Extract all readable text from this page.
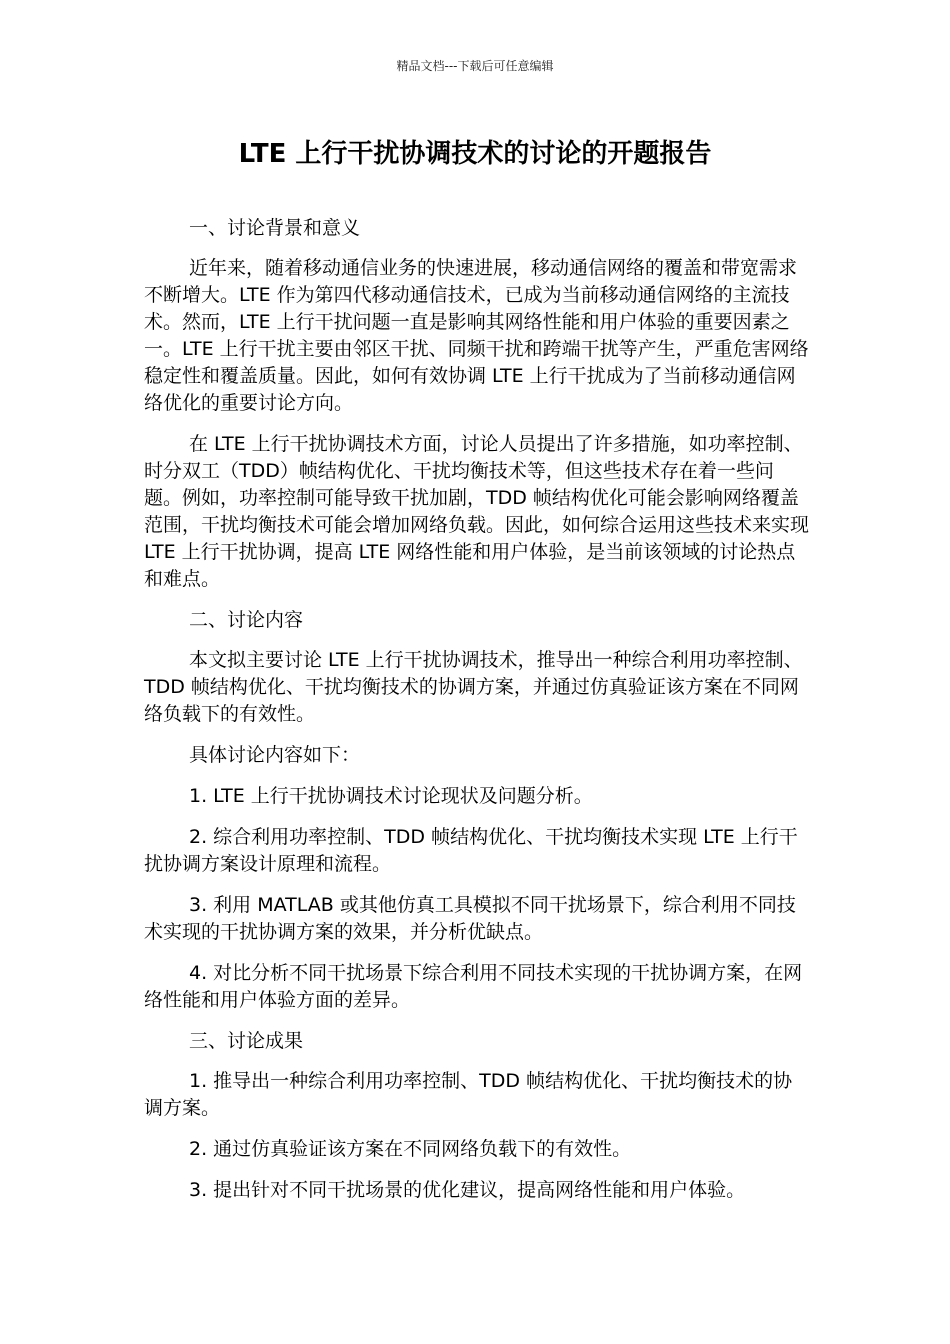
精品文档---下载后可任意编辑
LTE 上行干扰协调技术的讨论的开题报告

一、讨论背景和意义

近年来，随着移动通信业务的快速进展，移动通信网络的覆盖和带宽需求不断增大。LTE 作为第四代移动通信技术，已成为当前移动通信网络的主流技术。然而，LTE 上行干扰问题一直是影响其网络性能和用户体验的重要因素之一。LTE 上行干扰主要由邻区干扰、同频干扰和跨端干扰等产生，严重危害网络稳定性和覆盖质量。因此，如何有效协调 LTE 上行干扰成为了当前移动通信网络优化的重要讨论方向。

在 LTE 上行干扰协调技术方面，讨论人员提出了许多措施，如功率控制、时分双工（TDD）帧结构优化、干扰均衡技术等，但这些技术存在着一些问题。例如，功率控制可能导致干扰加剧，TDD 帧结构优化可能会影响网络覆盖范围，干扰均衡技术可能会增加网络负载。因此，如何综合运用这些技术来实现 LTE 上行干扰协调，提高 LTE 网络性能和用户体验，是当前该领域的讨论热点和难点。

二、讨论内容

本文拟主要讨论 LTE 上行干扰协调技术，推导出一种综合利用功率控制、TDD 帧结构优化、干扰均衡技术的协调方案，并通过仿真验证该方案在不同网络负载下的有效性。

具体讨论内容如下：

1. LTE 上行干扰协调技术讨论现状及问题分析。

2. 综合利用功率控制、TDD 帧结构优化、干扰均衡技术实现 LTE 上行干扰协调方案设计原理和流程。

3. 利用 MATLAB 或其他仿真工具模拟不同干扰场景下，综合利用不同技术实现的干扰协调方案的效果，并分析优缺点。

4. 对比分析不同干扰场景下综合利用不同技术实现的干扰协调方案，在网络性能和用户体验方面的差异。

三、讨论成果

1. 推导出一种综合利用功率控制、TDD 帧结构优化、干扰均衡技术的协调方案。

2. 通过仿真验证该方案在不同网络负载下的有效性。

3. 提出针对不同干扰场景的优化建议，提高网络性能和用户体验。
